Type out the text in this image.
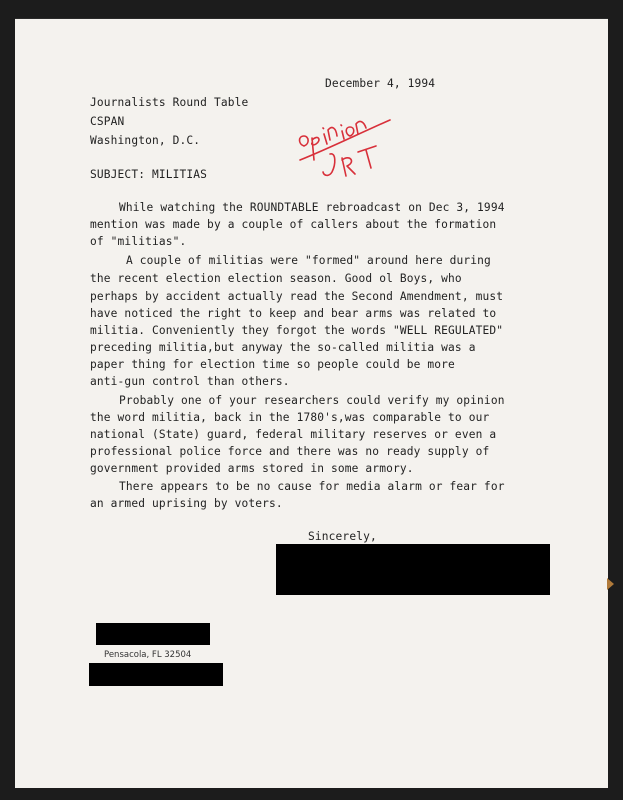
December 4, 1994
Journalists Round Table
CSPAN
Washington, D.C.
SUBJECT: MILITIAS
While watching the ROUNDTABLE rebroadcast on Dec 3, 1994
mention was made by a couple of callers about the formation
of "militias".
A couple of militias were "formed" around here during
the recent election election season. Good ol Boys, who
perhaps by accident actually read the Second Amendment, must
have noticed the right to keep and bear arms was related to
militia. Conveniently they forgot the words "WELL REGULATED"
preceding militia,but anyway the so-called militia was a
paper thing for election time so people could be more
anti-gun control than others.
Probably one of your researchers could verify my opinion
the word militia, back in the 1780's,was comparable to our
national (State) guard, federal military reserves or even a
professional police force and there was no ready supply of
government provided arms stored in some armory.
There appears to be no cause for media alarm or fear for
an armed uprising by voters.
Sincerely,
Pensacola, FL 32504
